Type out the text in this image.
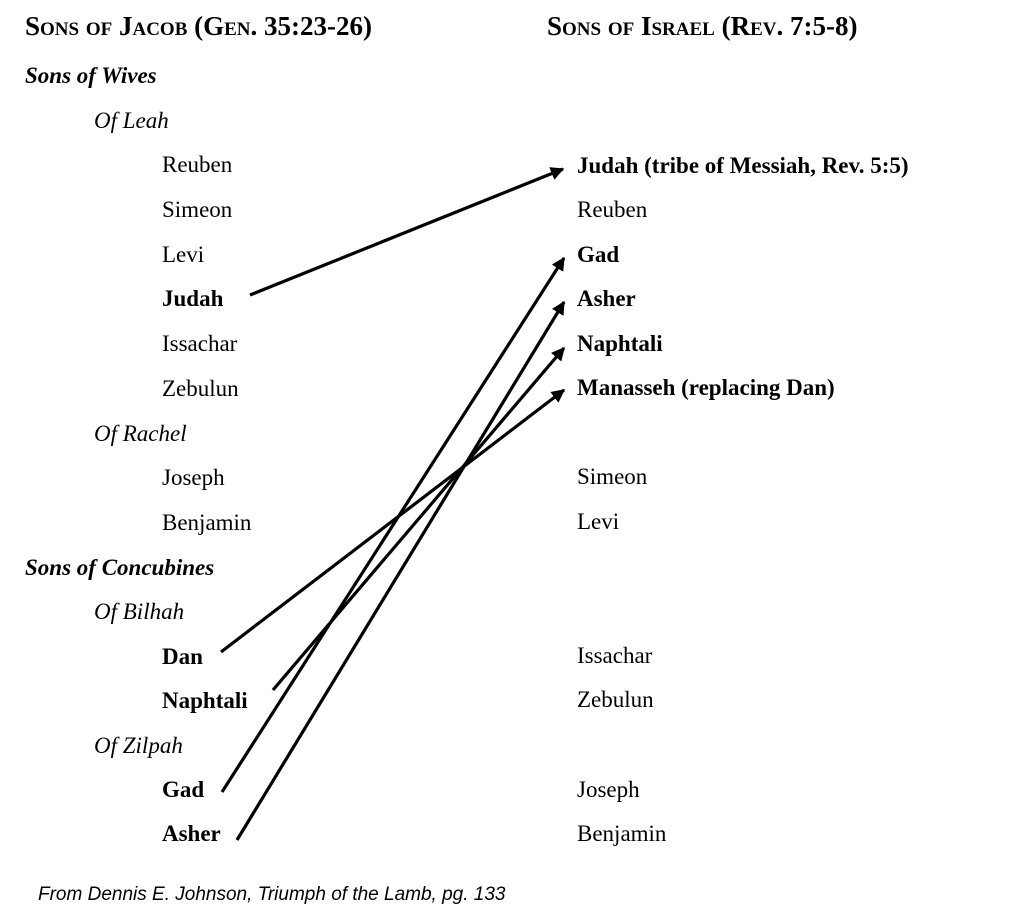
Sons of Jacob (Gen. 35:23-26)
Sons of Wives
Of Leah
Reuben
Simeon
Levi
Judah
Issachar
Zebulun
Of Rachel
Joseph
Benjamin
Sons of Concubines
Of Bilhah
Dan
Naphtali
Of Zilpah
Gad
Asher
Sons of Israel (Rev. 7:5-8)
Judah (tribe of Messiah, Rev. 5:5)
Reuben
Gad
Asher
Naphtali
Manasseh (replacing Dan)
Simeon
Levi
Issachar
Zebulun
Joseph
Benjamin
From Dennis E. Johnson, Triumph of the Lamb, pg. 133
